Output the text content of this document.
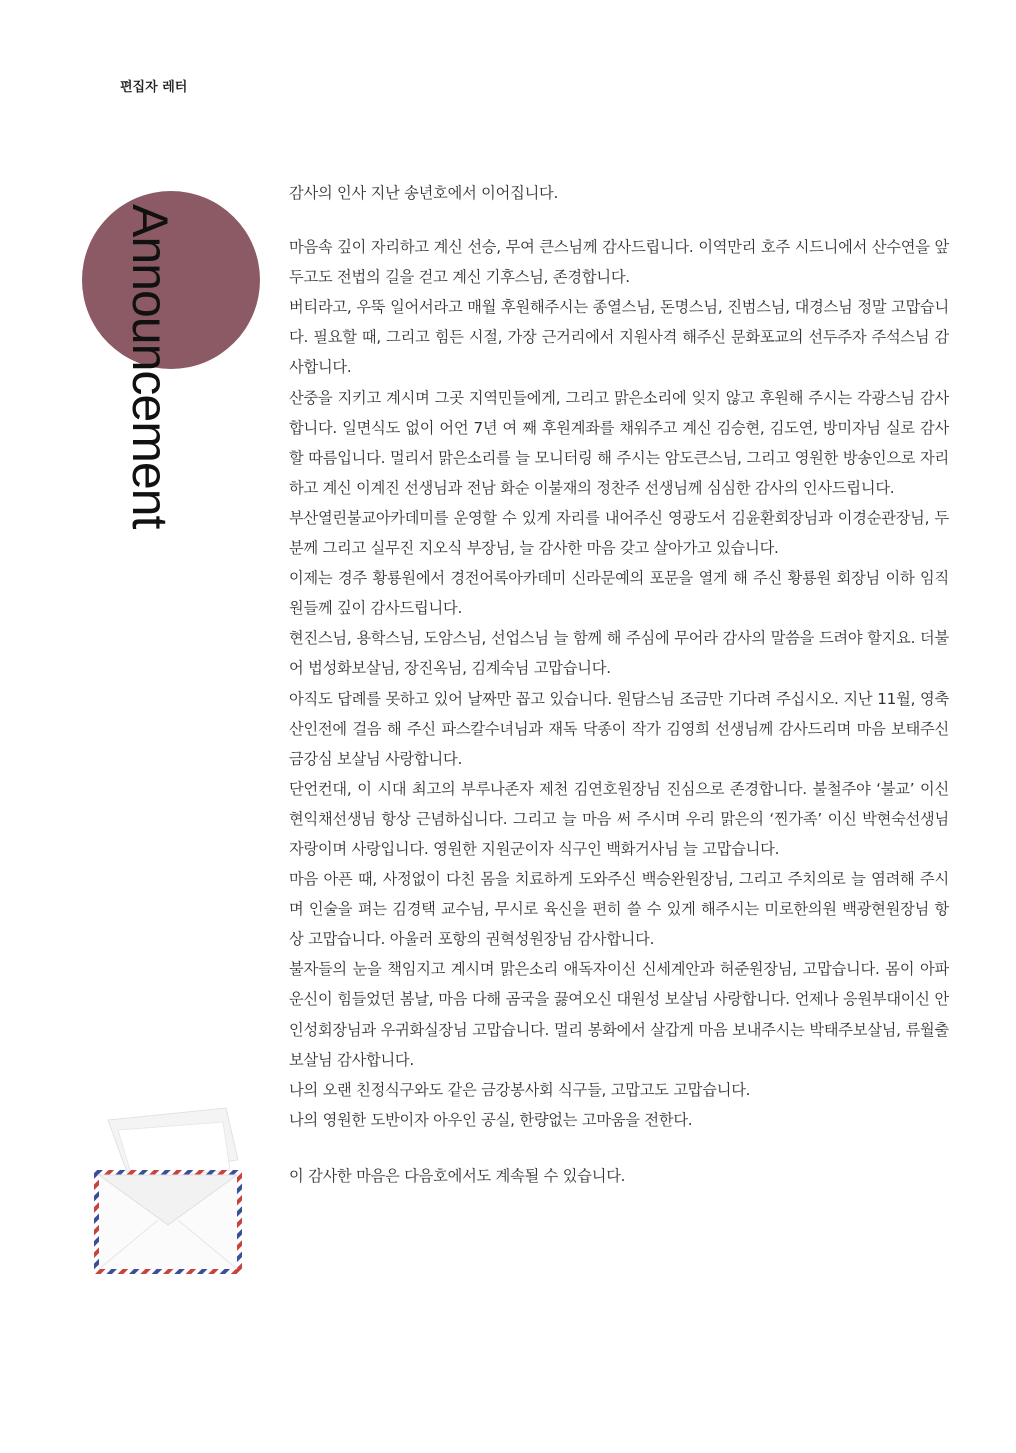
편집자 레터
Announcement

감사의 인사 지난 송년호에서 이어집니다.

마음속 깊이 자리하고 계신 선승, 무여 큰스님께 감사드립니다. 이역만리 호주 시드니에서 산수연을 앞두고도 전법의 길을 걷고 계신 기후스님, 존경합니다.

버티라고, 우뚝 일어서라고 매월 후원해주시는 종열스님, 돈명스님, 진범스님, 대경스님 정말 고맙습니다. 필요할 때, 그리고 힘든 시절, 가장 근거리에서 지원사격 해주신 문화포교의 선두주자 주석스님 감사합니다.

산중을 지키고 계시며 그곳 지역민들에게, 그리고 맑은소리에 잊지 않고 후원해 주시는 각광스님 감사합니다. 일면식도 없이 어언 7년 여 째 후원계좌를 채워주고 계신 김승현, 김도연, 방미자님 실로 감사할 따름입니다. 멀리서 맑은소리를 늘 모니터링 해 주시는 암도큰스님, 그리고 영원한 방송인으로 자리하고 계신 이계진 선생님과 전남 화순 이불재의 정찬주 선생님께 심심한 감사의 인사드립니다.

부산열린불교아카데미를 운영할 수 있게 자리를 내어주신 영광도서 김윤환회장님과 이경순관장님, 두 분께 그리고 실무진 지오식 부장님, 늘 감사한 마음 갖고 살아가고 있습니다.

이제는 경주 황룡원에서 경전어록아카데미 신라문예의 포문을 열게 해 주신 황룡원 회장님 이하 임직원들께 깊이 감사드립니다.

현진스님, 용학스님, 도암스님, 선업스님 늘 함께 해 주심에 무어라 감사의 말씀을 드려야 할지요. 더불어 법성화보살님, 장진옥님, 김계숙님 고맙습니다.

아직도 답례를 못하고 있어 날짜만 꼽고 있습니다. 원담스님 조금만 기다려 주십시오. 지난 11월, 영축산인전에 걸음 해 주신 파스칼수녀님과 재독 닥종이 작가 김영희 선생님께 감사드리며 마음 보태주신 금강심 보살님 사랑합니다.

단언컨대, 이 시대 최고의 부루나존자 제천 김연호원장님 진심으로 존경합니다. 불철주야 ‘불교’ 이신 현익채선생님 항상 근념하십니다. 그리고 늘 마음 써 주시며 우리 맑은의 ‘찐가족’ 이신 박현숙선생님 자랑이며 사랑입니다. 영원한 지원군이자 식구인 백화거사님 늘 고맙습니다.

마음 아픈 때, 사정없이 다친 몸을 치료하게 도와주신 백승완원장님, 그리고 주치의로 늘 염려해 주시며 인술을 펴는 김경택 교수님, 무시로 육신을 편히 쓸 수 있게 해주시는 미로한의원 백광현원장님 항상 고맙습니다. 아울러 포항의 권혁성원장님 감사합니다.

불자들의 눈을 책임지고 계시며 맑은소리 애독자이신 신세계안과 허준원장님, 고맙습니다. 몸이 아파 운신이 힘들었던 봄날, 마음 다해 곰국을 끓여오신 대원성 보살님 사랑합니다. 언제나 응원부대이신 안인성회장님과 우귀화실장님 고맙습니다. 멀리 봉화에서 살갑게 마음 보내주시는 박태주보살님, 류월출 보살님 감사합니다.

나의 오랜 친정식구와도 같은 금강봉사회 식구들, 고맙고도 고맙습니다.

나의 영원한 도반이자 아우인 공실, 한량없는 고마움을 전한다.

이 감사한 마음은 다음호에서도 계속될 수 있습니다.
